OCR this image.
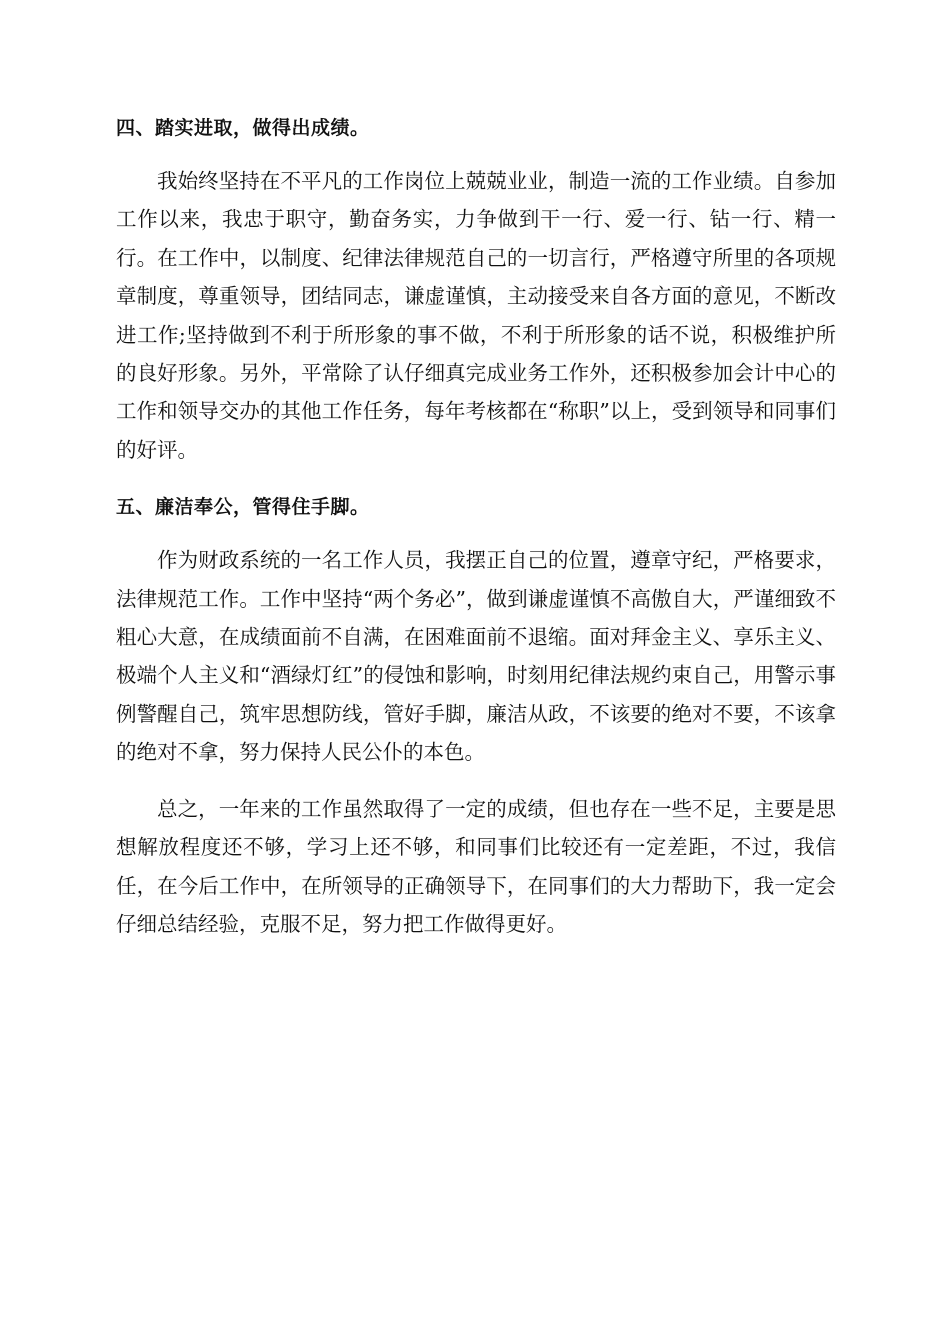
四、踏实进取，做得出成绩。

我始终坚持在不平凡的工作岗位上兢兢业业，制造一流的工作业绩。自参加工作以来，我忠于职守，勤奋务实，力争做到干一行、爱一行、钻一行、精一行。在工作中，以制度、纪律法律规范自己的一切言行，严格遵守所里的各项规章制度，尊重领导，团结同志，谦虚谨慎，主动接受来自各方面的意见，不断改进工作;坚持做到不利于所形象的事不做，不利于所形象的话不说，积极维护所的良好形象。另外，平常除了认仔细真完成业务工作外，还积极参加会计中心的工作和领导交办的其他工作任务，每年考核都在“称职”以上，受到领导和同事们的好评。

五、廉洁奉公，管得住手脚。

作为财政系统的一名工作人员，我摆正自己的位置，遵章守纪，严格要求，法律规范工作。工作中坚持“两个务必”，做到谦虚谨慎不高傲自大，严谨细致不粗心大意，在成绩面前不自满，在困难面前不退缩。面对拜金主义、享乐主义、极端个人主义和“酒绿灯红”的侵蚀和影响，时刻用纪律法规约束自己，用警示事例警醒自己，筑牢思想防线，管好手脚，廉洁从政，不该要的绝对不要，不该拿的绝对不拿，努力保持人民公仆的本色。

总之，一年来的工作虽然取得了一定的成绩，但也存在一些不足，主要是思想解放程度还不够，学习上还不够，和同事们比较还有一定差距，不过，我信任，在今后工作中，在所领导的正确领导下，在同事们的大力帮助下，我一定会仔细总结经验，克服不足，努力把工作做得更好。
